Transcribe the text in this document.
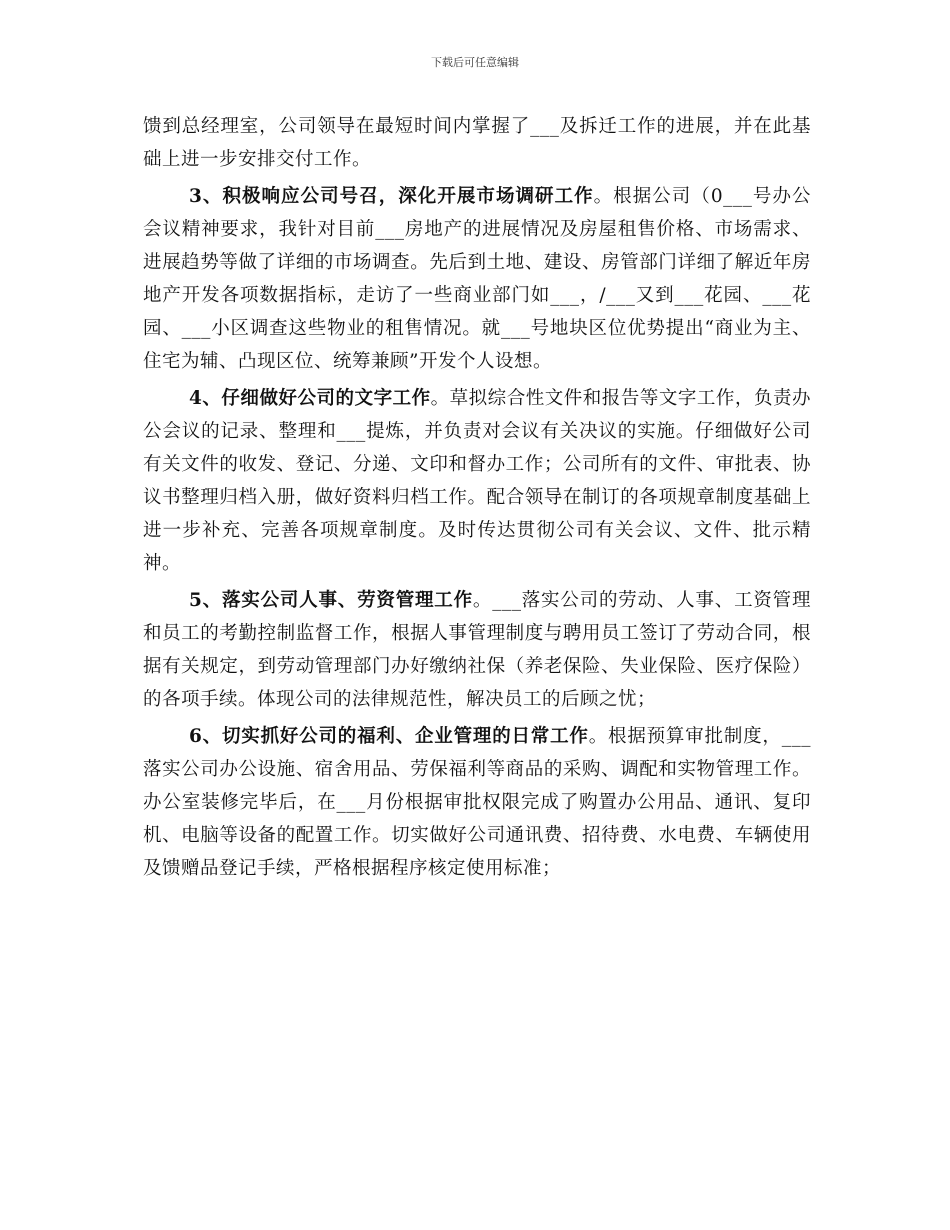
下载后可任意编辑

馈到总经理室，公司领导在最短时间内掌握了___及拆迁工作的进展，并在此基础上进一步安排交付工作。

3、积极响应公司号召，深化开展市场调研工作。根据公司（0___号办公会议精神要求，我针对目前___房地产的进展情况及房屋租售价格、市场需求、进展趋势等做了详细的市场调查。先后到土地、建设、房管部门详细了解近年房地产开发各项数据指标，走访了一些商业部门如___，/___又到___花园、___花园、___小区调查这些物业的租售情况。就___号地块区位优势提出“商业为主、住宅为辅、凸现区位、统筹兼顾”开发个人设想。

4、仔细做好公司的文字工作。草拟综合性文件和报告等文字工作，负责办公会议的记录、整理和___提炼，并负责对会议有关决议的实施。仔细做好公司有关文件的收发、登记、分递、文印和督办工作；公司所有的文件、审批表、协议书整理归档入册，做好资料归档工作。配合领导在制订的各项规章制度基础上进一步补充、完善各项规章制度。及时传达贯彻公司有关会议、文件、批示精神。

5、落实公司人事、劳资管理工作。___落实公司的劳动、人事、工资管理和员工的考勤控制监督工作，根据人事管理制度与聘用员工签订了劳动合同，根据有关规定，到劳动管理部门办好缴纳社保（养老保险、失业保险、医疗保险）的各项手续。体现公司的法律规范性，解决员工的后顾之忧；

6、切实抓好公司的福利、企业管理的日常工作。根据预算审批制度，___落实公司办公设施、宿舍用品、劳保福利等商品的采购、调配和实物管理工作。办公室装修完毕后，在___月份根据审批权限完成了购置办公用品、通讯、复印机、电脑等设备的配置工作。切实做好公司通讯费、招待费、水电费、车辆使用及馈赠品登记手续，严格根据程序核定使用标准；
